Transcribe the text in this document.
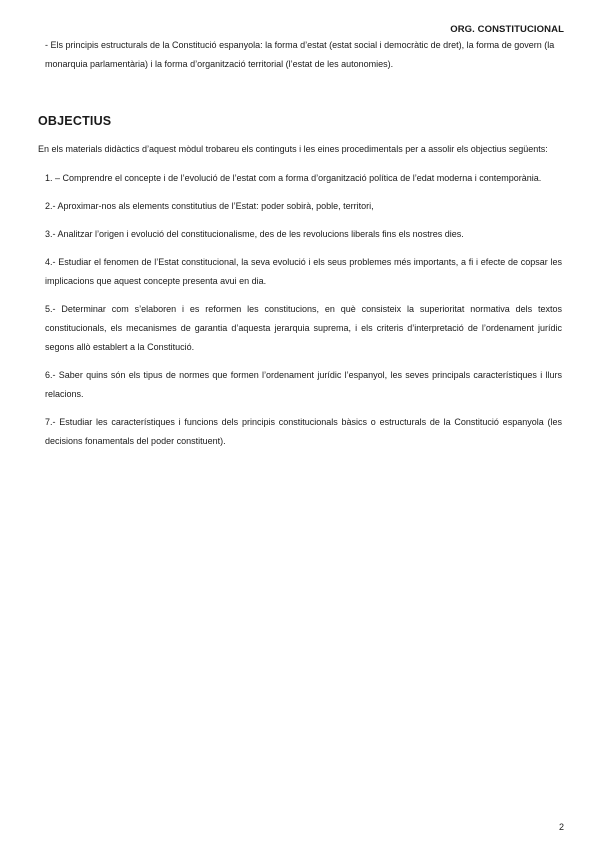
ORG. CONSTITUCIONAL

- Els principis estructurals de la Constitució espanyola: la forma d’estat (estat social i democràtic de dret), la forma de govern (la monarquia parlamentària) i la forma d’organització territorial (l’estat de les autonomies).

OBJECTIUS

En els materials didàctics d’aquest mòdul trobareu els continguts i les eines procedimentals per a assolir els objectius següents:

1. – Comprendre el concepte i de l’evolució de l’estat com a forma d’organització política de l’edat moderna i contemporània.
2.- Aproximar-nos als elements constitutius de l’Estat: poder sobirà, poble, territori,
3.- Analitzar l’origen i evolució del constitucionalisme, des de les revolucions liberals fins els nostres dies.
4.- Estudiar el fenomen de l’Estat constitucional, la seva evolució i els seus problemes més importants, a fi i efecte de copsar les implicacions que aquest concepte presenta avui en dia.
5.- Determinar com s’elaboren i es reformen les constitucions, en què consisteix la superioritat normativa dels textos constitucionals, els mecanismes de garantia d’aquesta jerarquia suprema, i els criteris d’interpretació de l’ordenament jurídic segons allò establert a la Constitució.
6.- Saber quins són els tipus de normes que formen l’ordenament jurídic l’espanyol, les seves principals característiques i llurs relacions.
7.- Estudiar les característiques i funcions dels principis constitucionals bàsics o estructurals de la Constitució espanyola (les decisions fonamentals del poder constituent).
2
